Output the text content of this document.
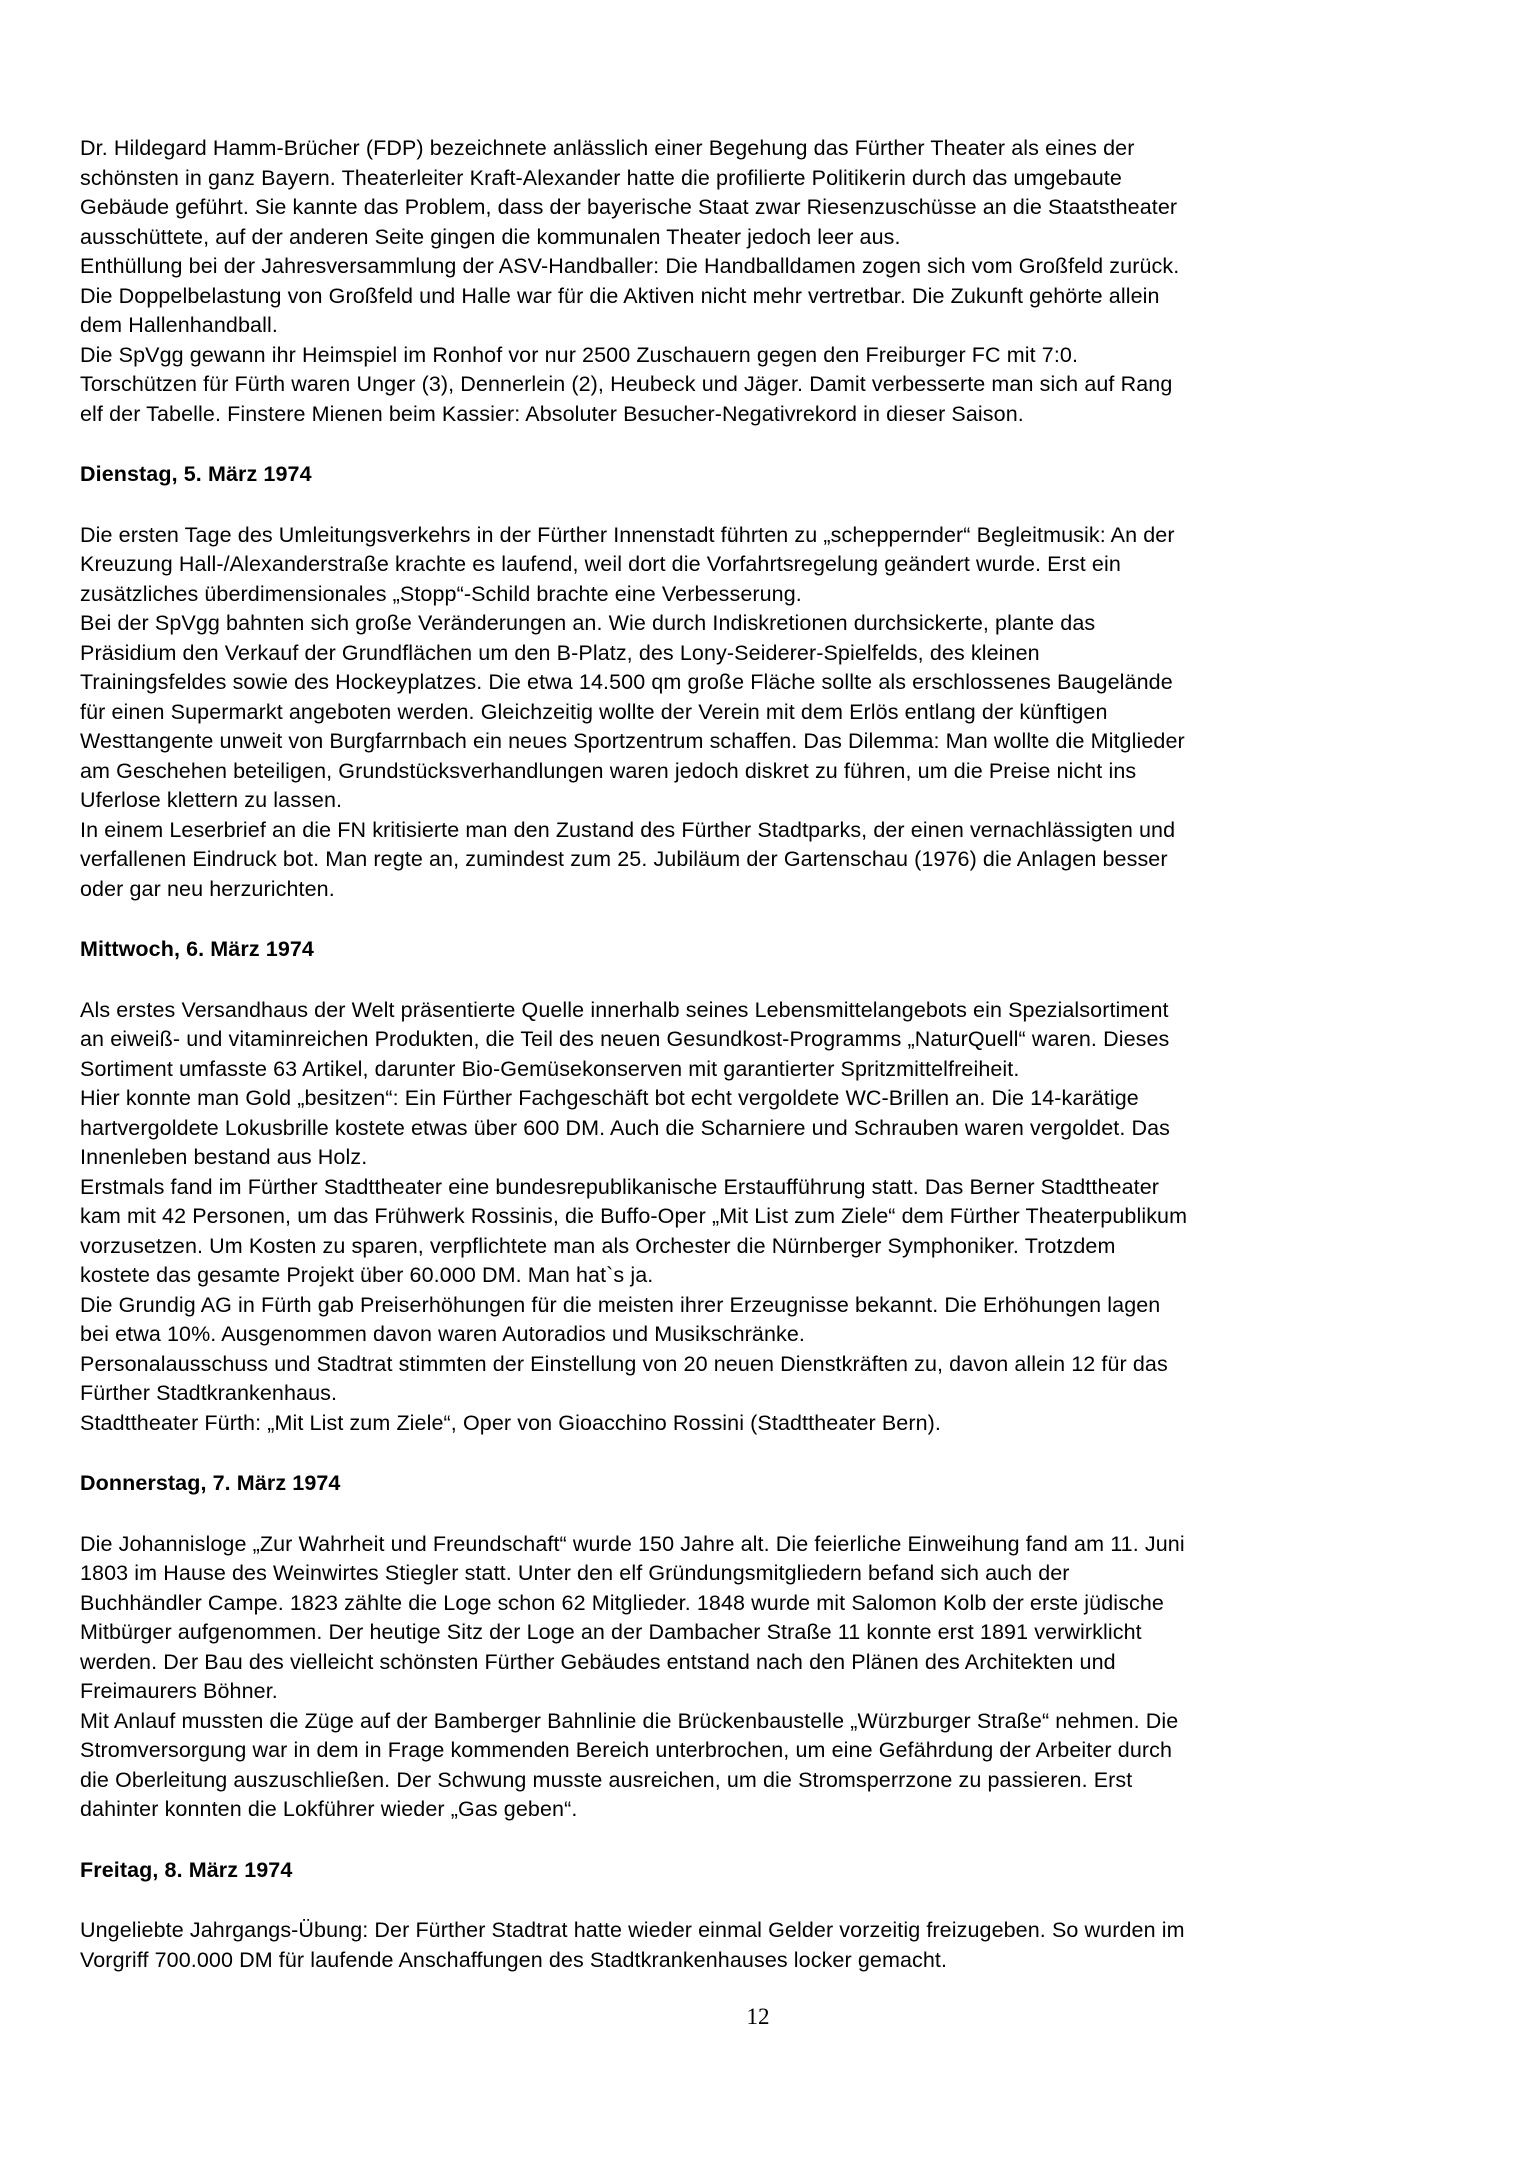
Dr. Hildegard Hamm-Brücher (FDP) bezeichnete anlässlich einer Begehung das Fürther Theater als eines der
schönsten in ganz Bayern. Theaterleiter Kraft-Alexander hatte die profilierte Politikerin durch das umgebaute
Gebäude geführt. Sie kannte das Problem, dass der bayerische Staat zwar Riesenzuschüsse an die Staatstheater
ausschüttete, auf der anderen Seite gingen die kommunalen Theater jedoch leer aus.

Enthüllung bei der Jahresversammlung der ASV-Handballer: Die Handballdamen zogen sich vom Großfeld zurück.
Die Doppelbelastung von Großfeld und Halle war für die Aktiven nicht mehr vertretbar. Die Zukunft gehörte allein
dem Hallenhandball.

Die SpVgg gewann ihr Heimspiel im Ronhof vor nur 2500 Zuschauern gegen den Freiburger FC mit 7:0.
Torschützen für Fürth waren Unger (3), Dennerlein (2), Heubeck und Jäger. Damit verbesserte man sich auf Rang
elf der Tabelle. Finstere Mienen beim Kassier: Absoluter Besucher-Negativrekord in dieser Saison.

Dienstag, 5. März 1974

Die ersten Tage des Umleitungsverkehrs in der Fürther Innenstadt führten zu „scheppernder“ Begleitmusik: An der
Kreuzung Hall-/Alexanderstraße krachte es laufend, weil dort die Vorfahrtsregelung geändert wurde. Erst ein
zusätzliches überdimensionales „Stopp“-Schild brachte eine Verbesserung.

Bei der SpVgg bahnten sich große Veränderungen an. Wie durch Indiskretionen durchsickerte, plante das
Präsidium den Verkauf der Grundflächen um den B-Platz, des Lony-Seiderer-Spielfelds, des kleinen
Trainingsfeldes sowie des Hockeyplatzes. Die etwa 14.500 qm große Fläche sollte als erschlossenes Baugelände
für einen Supermarkt angeboten werden. Gleichzeitig wollte der Verein mit dem Erlös entlang der künftigen
Westtangente unweit von Burgfarrnbach ein neues Sportzentrum schaffen. Das Dilemma: Man wollte die Mitglieder
am Geschehen beteiligen, Grundstücksverhandlungen waren jedoch diskret zu führen, um die Preise nicht ins
Uferlose klettern zu lassen.

In einem Leserbrief an die FN kritisierte man den Zustand des Fürther Stadtparks, der einen vernachlässigten und
verfallenen Eindruck bot. Man regte an, zumindest zum 25. Jubiläum der Gartenschau (1976) die Anlagen besser
oder gar neu herzurichten.

Mittwoch, 6. März 1974

Als erstes Versandhaus der Welt präsentierte Quelle innerhalb seines Lebensmittelangebots ein Spezialsortiment
an eiweiß- und vitaminreichen Produkten, die Teil des neuen Gesundkost-Programms „NaturQuell“ waren. Dieses
Sortiment umfasste 63 Artikel, darunter Bio-Gemüsekonserven mit garantierter Spritzmittelfreiheit.

Hier konnte man Gold „besitzen“: Ein Fürther Fachgeschäft bot echt vergoldete WC-Brillen an. Die 14-karätige
hartvergoldete Lokusbrille kostete etwas über 600 DM. Auch die Scharniere und Schrauben waren vergoldet. Das
Innenleben bestand aus Holz.

Erstmals fand im Fürther Stadttheater eine bundesrepublikanische Erstaufführung statt. Das Berner Stadttheater
kam mit 42 Personen, um das Frühwerk Rossinis, die Buffo-Oper „Mit List zum Ziele“ dem Fürther Theaterpublikum
vorzusetzen. Um Kosten zu sparen, verpflichtete man als Orchester die Nürnberger Symphoniker. Trotzdem
kostete das gesamte Projekt über 60.000 DM. Man hat`s ja.

Die Grundig AG in Fürth gab Preiserhöhungen für die meisten ihrer Erzeugnisse bekannt. Die Erhöhungen lagen
bei etwa 10%. Ausgenommen davon waren Autoradios und Musikschränke.

Personalausschuss und Stadtrat stimmten der Einstellung von 20 neuen Dienstkräften zu, davon allein 12 für das
Fürther Stadtkrankenhaus.

Stadttheater Fürth: „Mit List zum Ziele“, Oper von Gioacchino Rossini (Stadttheater Bern).

Donnerstag, 7. März 1974

Die Johannisloge „Zur Wahrheit und Freundschaft“ wurde 150 Jahre alt. Die feierliche Einweihung fand am 11. Juni
1803 im Hause des Weinwirtes Stiegler statt. Unter den elf Gründungsmitgliedern befand sich auch der
Buchhändler Campe. 1823 zählte die Loge schon 62 Mitglieder. 1848 wurde mit Salomon Kolb der erste jüdische
Mitbürger aufgenommen. Der heutige Sitz der Loge an der Dambacher Straße 11 konnte erst 1891 verwirklicht
werden. Der Bau des vielleicht schönsten Fürther Gebäudes entstand nach den Plänen des Architekten und
Freimaurers Böhner.

Mit Anlauf mussten die Züge auf der Bamberger Bahnlinie die Brückenbaustelle „Würzburger Straße“ nehmen. Die
Stromversorgung war in dem in Frage kommenden Bereich unterbrochen, um eine Gefährdung der Arbeiter durch
die Oberleitung auszuschließen. Der Schwung musste ausreichen, um die Stromsperrzone zu passieren. Erst
dahinter konnten die Lokführer wieder „Gas geben“.

Freitag, 8. März 1974

Ungeliebte Jahrgangs-Übung: Der Fürther Stadtrat hatte wieder einmal Gelder vorzeitig freizugeben. So wurden im
Vorgriff 700.000 DM für laufende Anschaffungen des Stadtkrankenhauses locker gemacht.

12
